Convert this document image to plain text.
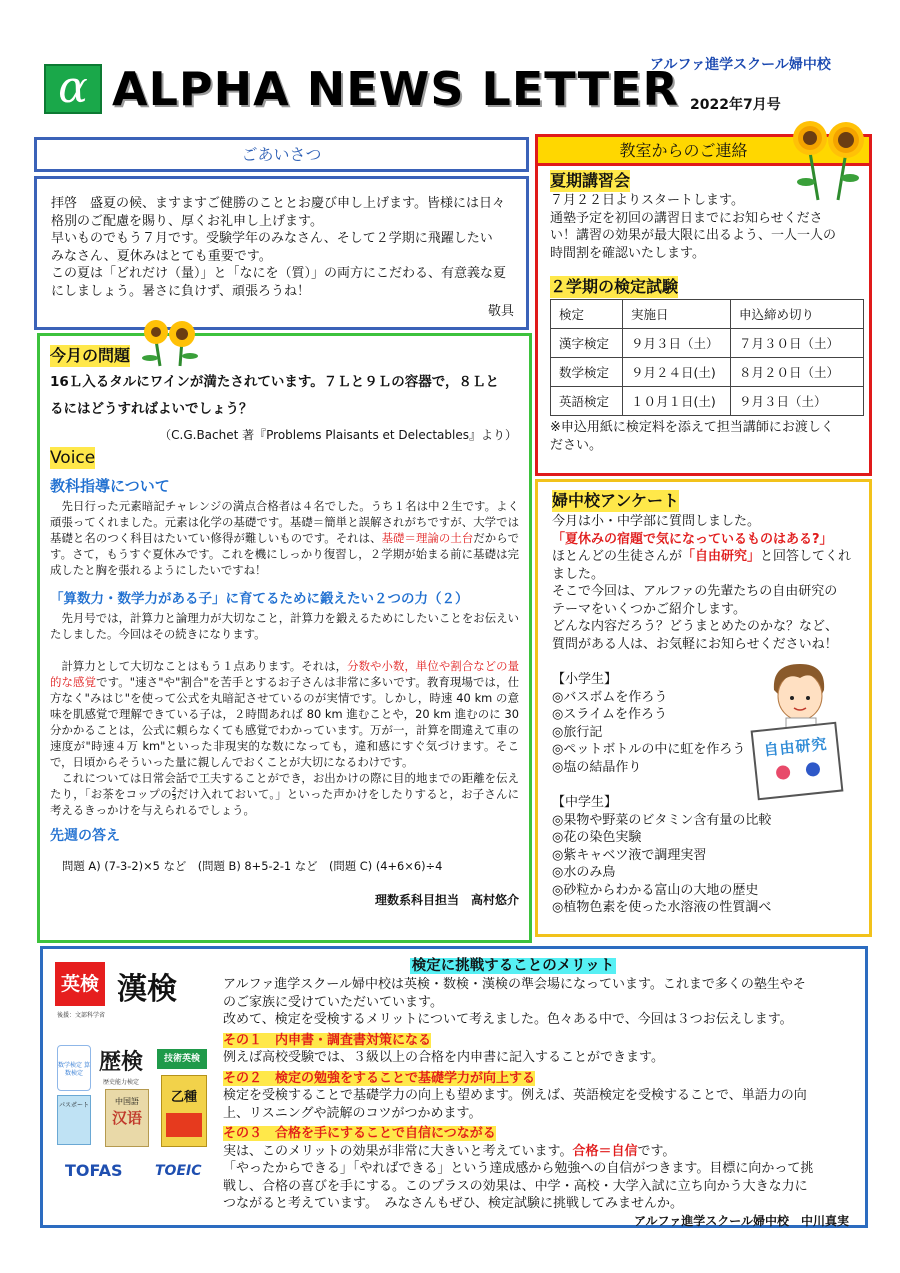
α ALPHA NEWS LETTER
アルファ進学スクール婦中校
2022年7月号
ごあいさつ
拝啓　盛夏の候、ますますご健勝のこととお慶び申し上げます。皆様には日々
格別のご配慮を賜り、厚くお礼申し上げます。
早いものでもう７月です。受験学年のみなさん、そして２学期に飛躍したい
みなさん、夏休みはとても重要です。
この夏は「どれだけ（量）」と「なにを（質）」の両方にこだわる、有意義な夏
にしましょう。暑さに負けず、頑張ろうね！
敬具
教室からのご連絡
夏期講習会
７月２２日よりスタートします。
通塾予定を初回の講習日までにお知らせくださ
い！講習の効果が最大限に出るよう、一人一人の
時間割を確認いたします。
２学期の検定試験
検定	実施日	申込締め切り
漢字検定	９月３日（土）	７月３０日（土）
数学検定	９月２４日(土)	８月２０日（土）
英語検定	１０月１日(土)	９月３日（土）
※申込用紙に検定料を添えて担当講師にお渡しく
ださい。
今月の問題
16Ｌ入るタルにワインが満たされています。７Ｌと９Ｌの容器で，８Ｌと
るにはどうすればよいでしょう？
（C.G.Bachet 著『Problems Plaisants et Delectables』より）
Voice
教科指導について
　先日行った元素暗記チャレンジの満点合格者は４名でした。うち１名は中２生です。よく頑張ってくれました。元素は化学の基礎です。基礎＝簡単と誤解されがちですが、大学では基礎と名のつく科目はたいてい修得が難しいものです。それは、基礎＝理論の土台だからです。さて，もうすぐ夏休みです。これを機にしっかり復習し，２学期が始まる前に基礎は完成したと胸を張れるようにしたいですね！
「算数力・数学力がある子」に育てるために鍛えたい２つの力（２）
　先月号では，計算力と論理力が大切なこと，計算力を鍛えるためにしたいことをお伝えいたしました。今回はその続きになります。
　計算力として大切なことはもう１点あります。それは，分数や小数，単位や割合などの量的な感覚です。"速さ"や"割合"を苦手とするお子さんは非常に多いです。教育現場では，仕方なく"みはじ"を使って公式を丸暗記させているのが実情です。しかし，時速 40 km の意味を肌感覚で理解できている子は，２時間あれば 80 km 進むことや，20 km 進むのに 30 分かかることは，公式に頼らなくても感覚でわかっています。万が一，計算を間違えて車の速度が"時速４万 km"といった非現実的な数になっても，違和感にすぐ気づけます。そこで，日頃からそういった量に親しんでおくことが大切になるわけです。
　これについては日常会話で工夫することができ，お出かけの際に目的地までの距離を伝えたり，「お茶をコップの $\frac{2}{3}$ だけ入れておいて。」といった声かけをしたりすると，お子さんに考えるきっかけを与えられるでしょう。
先週の答え
問題 A) (7-3-2)×5 など　(問題 B) 8+5-2-1 など　(問題 C) (4+6×6)÷4
理数系科目担当　高村悠介
婦中校アンケート
今月は小・中学部に質問しました。
「夏休みの宿題で気になっているものはある?」
ほとんどの生徒さんが「自由研究」と回答してくれました。
そこで今回は、アルファの先輩たちの自由研究の
テーマをいくつかご紹介します。
どんな内容だろう？どうまとめたのかな？など、
質問がある人は、お気軽にお知らせくださいね！
【小学生】
◎バスボムを作ろう
◎スライムを作ろう
◎旅行記
◎ペットボトルの中に虹を作ろう
◎塩の結晶作り
【中学生】
◎果物や野菜のビタミン含有量の比較
◎花の染色実験
◎紫キャベツ液で調理実習
◎水のみ鳥
◎砂粒からわかる富山の大地の歴史
◎植物色素を使った水溶液の性質調べ
自由研究

英検
後援：文部科学省
漢検
数学検定 算数検定 歴検
歴史能力検定
技術英検
パスポート	中国語
汉语
乙種
TOFAS TOEIC
検定に挑戦することのメリット
アルファ進学スクール婦中校は英検・数検・漢検の準会場になっています。これまで多くの塾生やそ
のご家族に受けていただいています。
改めて、検定を受検するメリットについて考えました。色々ある中で、今回は３つお伝えします。
その１　内申書・調査書対策になる
例えば高校受験では、３級以上の合格を内申書に記入することができます。
その２　検定の勉強をすることで基礎学力が向上する
検定を受検することで基礎学力の向上も望めます。例えば、英語検定を受検することで、単語力の向
上、リスニングや読解のコツがつかめます。
その３　合格を手にすることで自信につながる
実は、このメリットの効果が非常に大きいと考えています。合格＝自信です。
「やったからできる」「やればできる」という達成感から勉強への自信がつきます。目標に向かって挑
戦し、合格の喜びを手にする。このプラスの効果は、中学・高校・大学入試に立ち向かう大きな力に
つながると考えています。　みなさんもぜひ、検定試験に挑戦してみませんか。
アルファ進学スクール婦中校　中川真実
